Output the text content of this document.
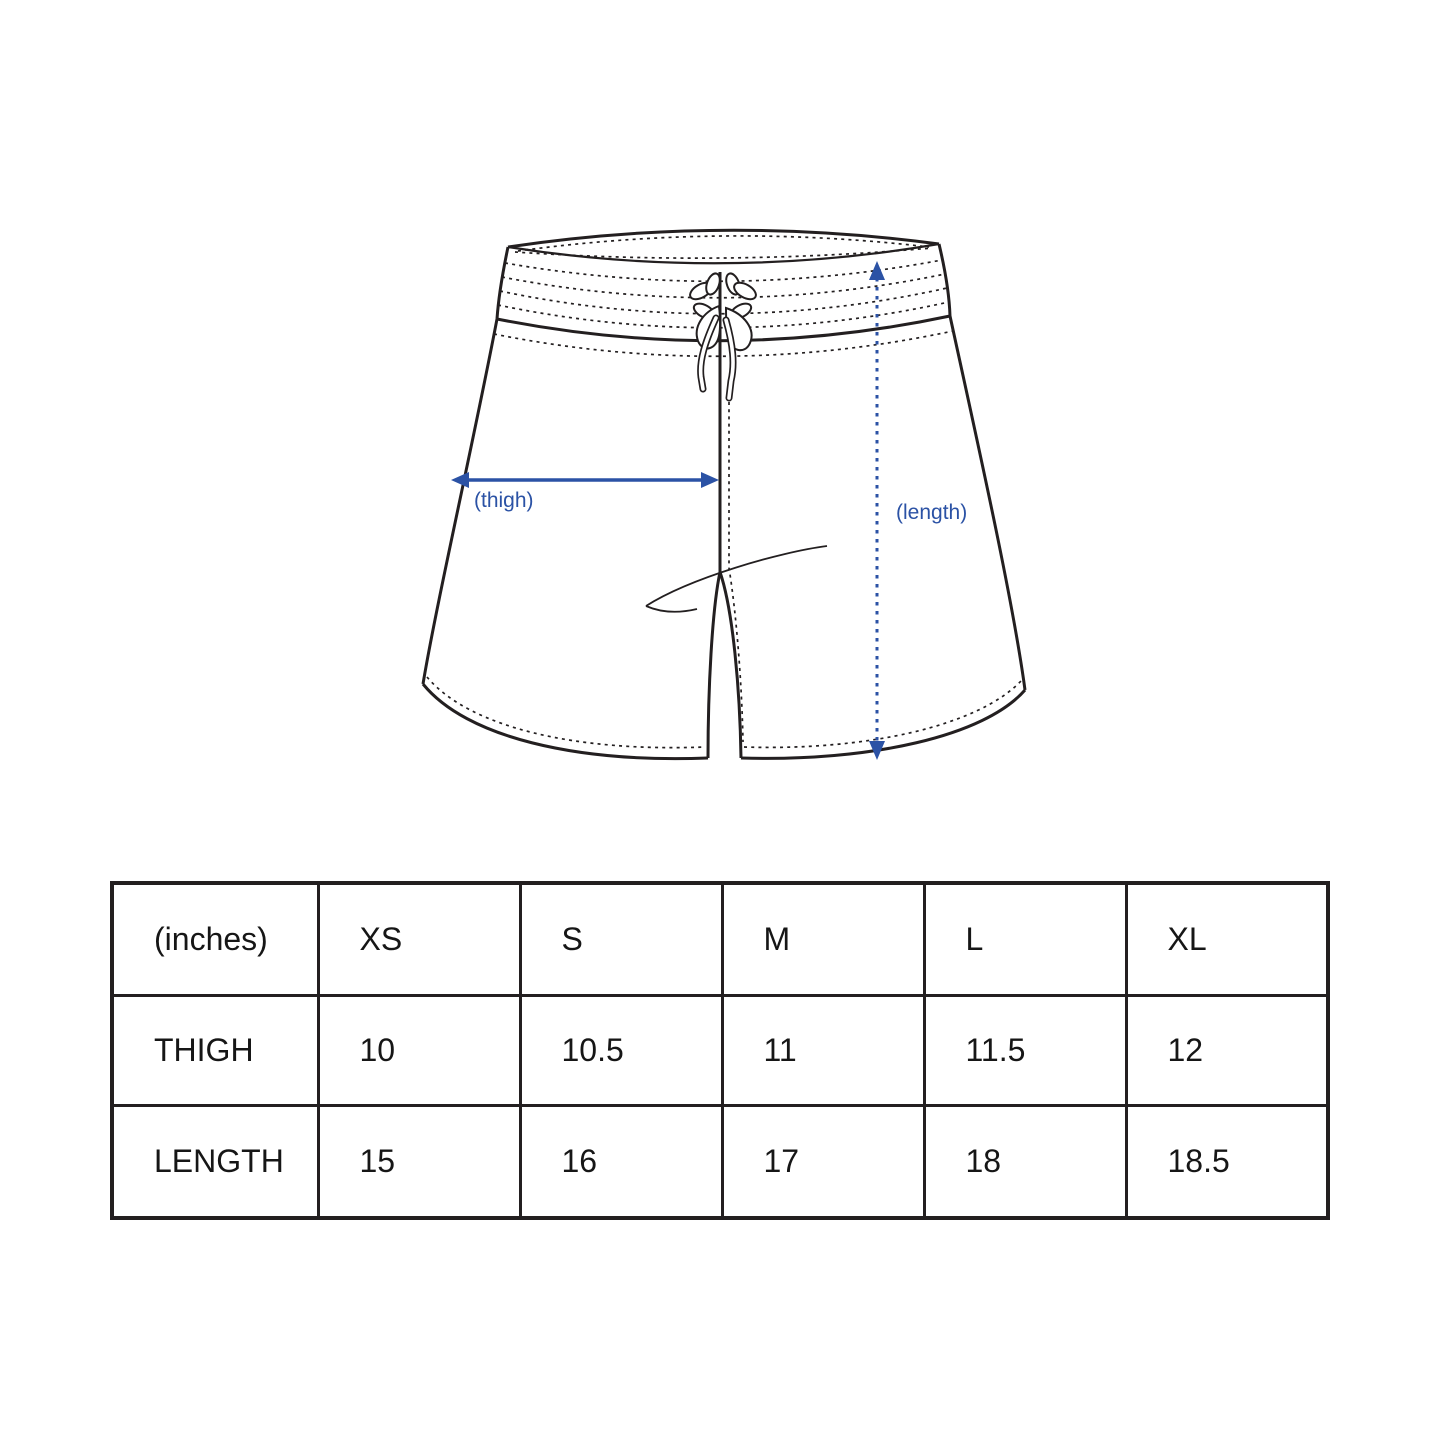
(thigh)
(length)
(inches)	XS	S	M	L	XL
THIGH	10	10.5	11	11.5	12
LENGTH	15	16	17	18	18.5
